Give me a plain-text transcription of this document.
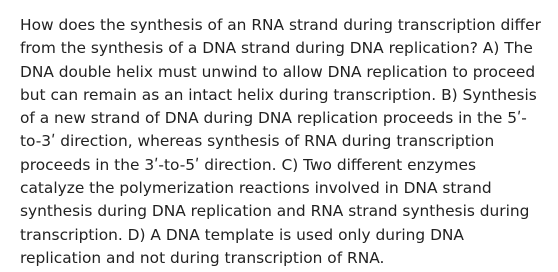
How does the synthesis of an RNA strand during transcription differ from the synthesis of a DNA strand during DNA replication? A) The DNA double helix must unwind to allow DNA replication to proceed but can remain as an intact helix during transcription. B) Synthesis of a new strand of DNA during DNA replication proceeds in the 5ʹ-to-3ʹ direction, whereas synthesis of RNA during transcription proceeds in the 3ʹ-to-5ʹ direction. C) Two different enzymes catalyze the polymerization reactions involved in DNA strand synthesis during DNA replication and RNA strand synthesis during transcription. D) A DNA template is used only during DNA replication and not during transcription of RNA.
